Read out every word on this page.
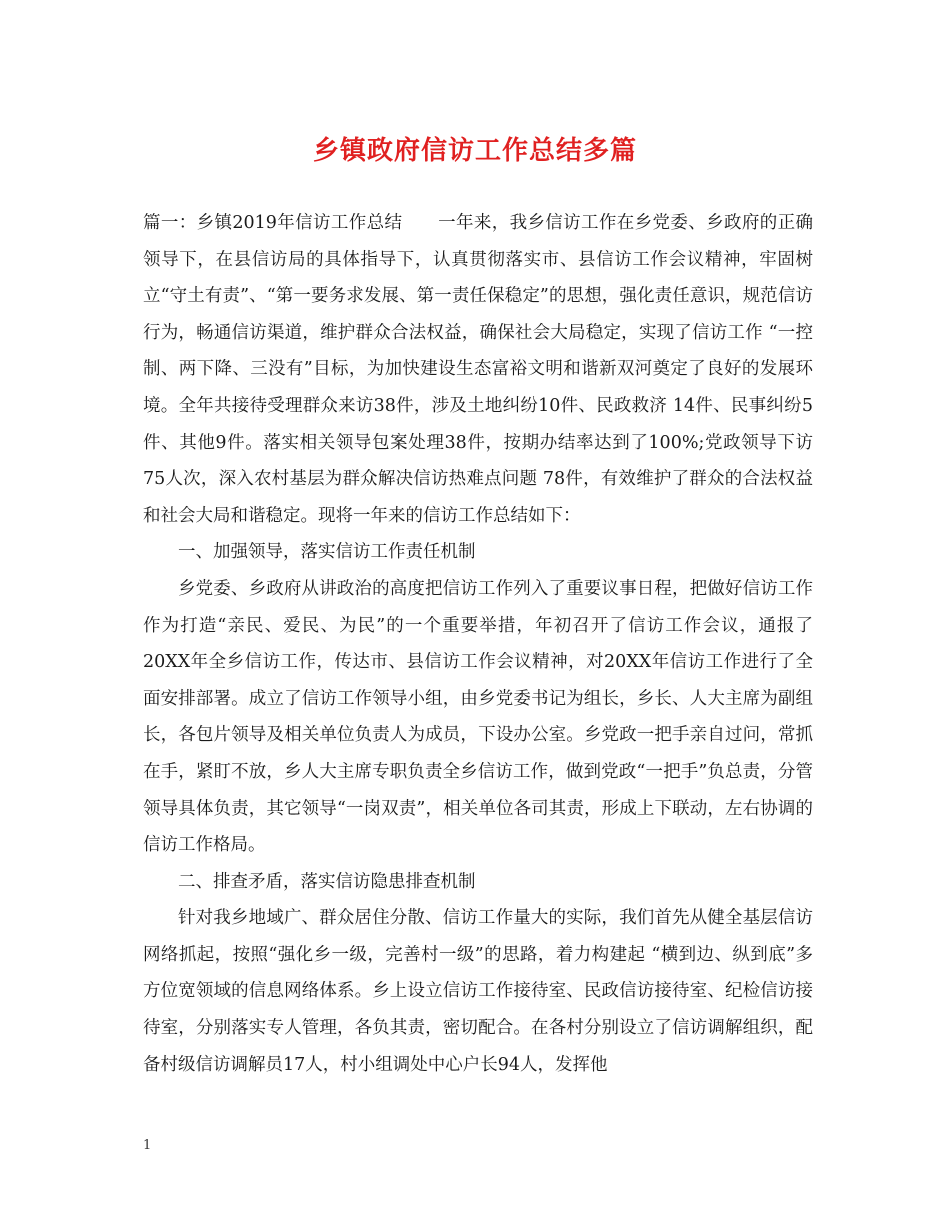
乡镇政府信访工作总结多篇

篇一：乡镇2019年信访工作总结　　一年来，我乡信访工作在乡党委、乡政府的正确领导下，在县信访局的具体指导下，认真贯彻落实市、县信访工作会议精神，牢固树立“守土有责”、“第一要务求发展、第一责任保稳定”的思想，强化责任意识，规范信访行为，畅通信访渠道，维护群众合法权益，确保社会大局稳定，实现了信访工作 “一控制、两下降、三没有”目标，为加快建设生态富裕文明和谐新双河奠定了良好的发展环境。全年共接待受理群众来访38件，涉及土地纠纷10件、民政救济 14件、民事纠纷5件、其他9件。落实相关领导包案处理38件，按期办结率达到了100%;党政领导下访75人次，深入农村基层为群众解决信访热难点问题 78件，有效维护了群众的合法权益和社会大局和谐稳定。现将一年来的信访工作总结如下：

一、加强领导，落实信访工作责任机制

乡党委、乡政府从讲政治的高度把信访工作列入了重要议事日程，把做好信访工作作为打造“亲民、爱民、为民”的一个重要举措，年初召开了信访工作会议，通报了20XX年全乡信访工作，传达市、县信访工作会议精神，对20XX年信访工作进行了全面安排部署。成立了信访工作领导小组，由乡党委书记为组长，乡长、人大主席为副组长，各包片领导及相关单位负责人为成员，下设办公室。乡党政一把手亲自过问，常抓在手，紧盯不放，乡人大主席专职负责全乡信访工作，做到党政“一把手”负总责，分管领导具体负责，其它领导“一岗双责”，相关单位各司其责，形成上下联动，左右协调的信访工作格局。

二、排查矛盾，落实信访隐患排查机制

针对我乡地域广、群众居住分散、信访工作量大的实际，我们首先从健全基层信访网络抓起，按照“强化乡一级，完善村一级”的思路，着力构建起 “横到边、纵到底”多方位宽领域的信息网络体系。乡上设立信访工作接待室、民政信访接待室、纪检信访接待室，分别落实专人管理，各负其责，密切配合。在各村分别设立了信访调解组织，配备村级信访调解员17人，村小组调处中心户长94人，发挥他

1
